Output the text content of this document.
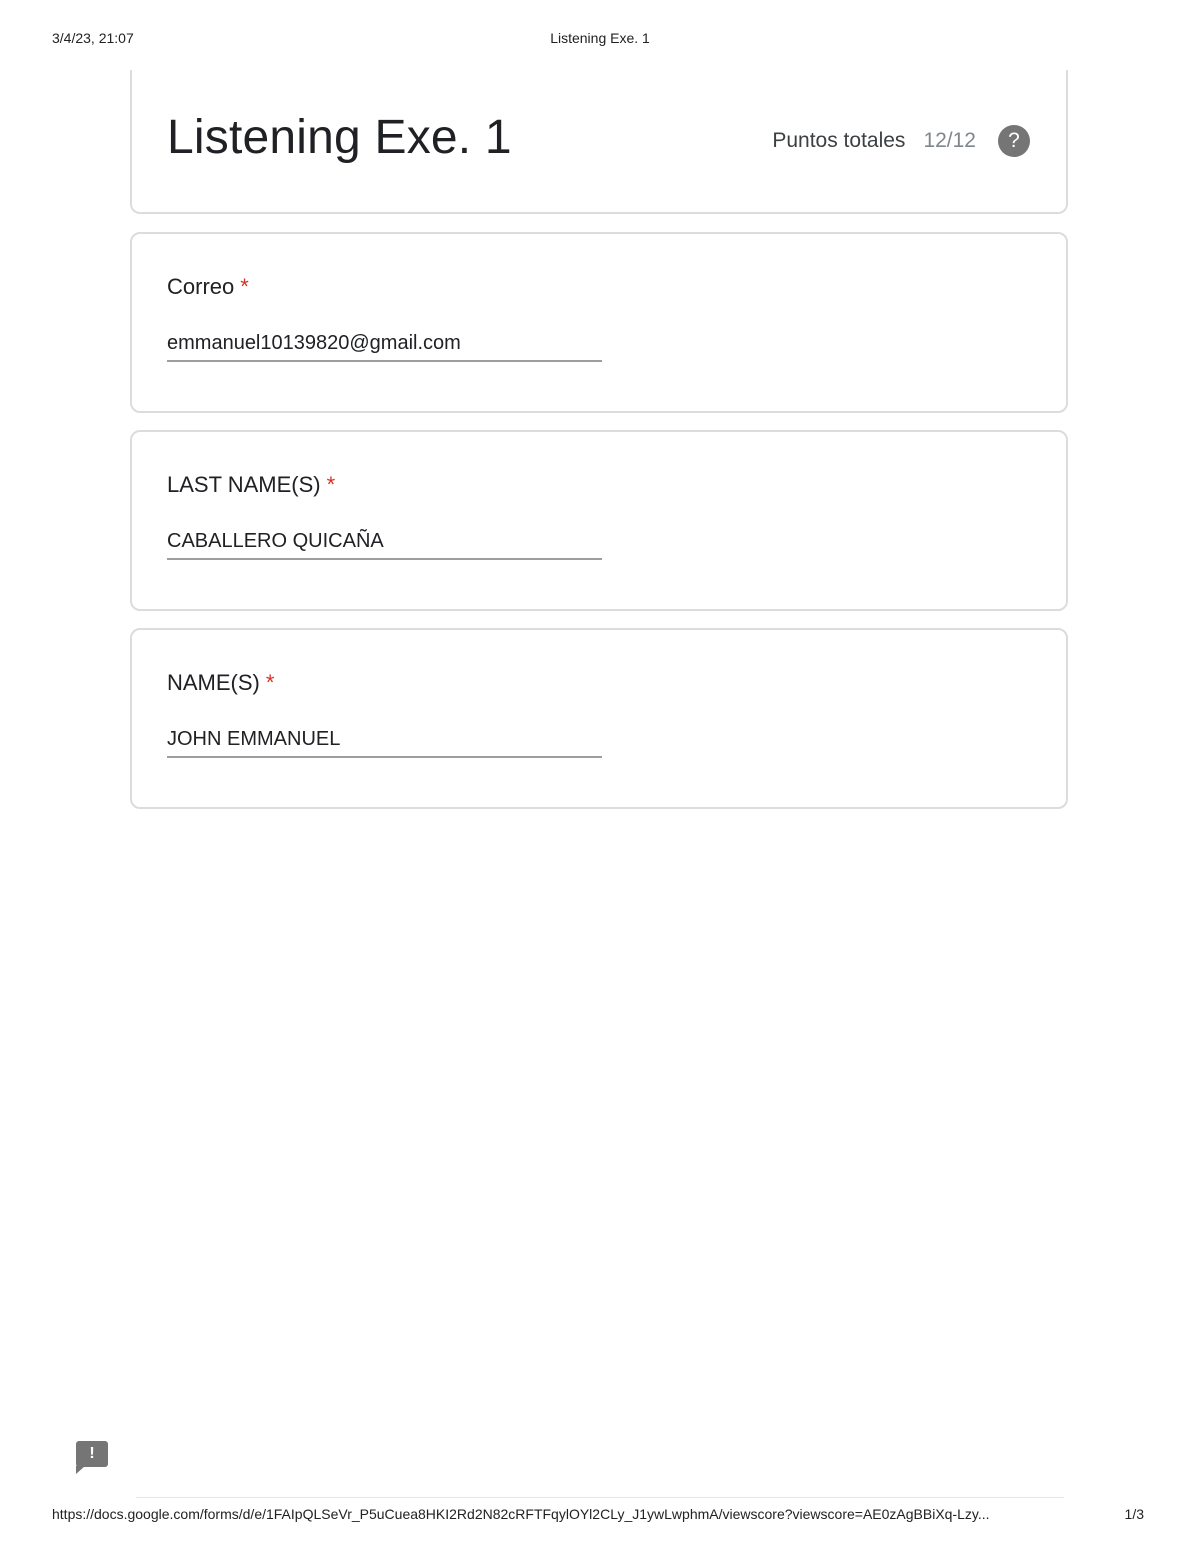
3/4/23, 21:07	Listening Exe. 1
Listening Exe. 1	Puntos totales 12/12	?
Correo *
emmanuel10139820@gmail.com
LAST NAME(S) *
CABALLERO QUICAÑA
NAME(S) *
JOHN EMMANUEL
!
https://docs.google.com/forms/d/e/1FAIpQLSeVr_P5uCuea8HKI2Rd2N82cRFTFqylOYl2CLy_J1ywLwphmA/viewscore?viewscore=AE0zAgBBiXq-Lzy...	1/3
